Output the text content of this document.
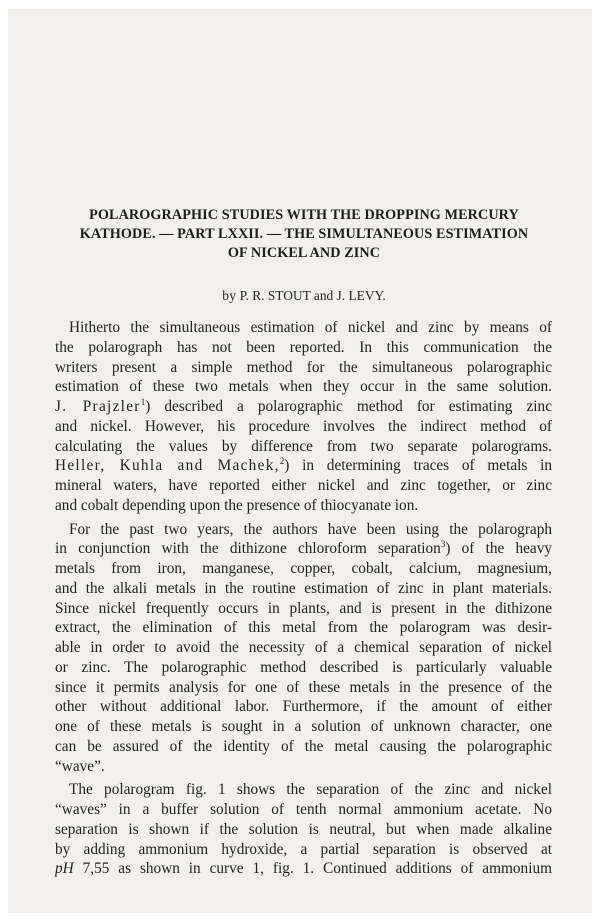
POLAROGRAPHIC STUDIES WITH THE DROPPING MERCURY
KATHODE. — PART LXXII. — THE SIMULTANEOUS ESTIMATION
OF NICKEL AND ZINC
by P. R. STOUT and J. LEVY.
Hitherto the simultaneous estimation of nickel and zinc by means of
the polarograph has not been reported. In this communication the
writers present a simple method for the simultaneous polarographic
estimation of these two metals when they occur in the same solution.
J. Prajzler$^1$) described a polarographic method for estimating zinc
and nickel. However, his procedure involves the indirect method of
calculating the values by difference from two separate polarograms.
Heller, Kuhla and Machek,$^2$) in determining traces of metals in
mineral waters, have reported either nickel and zinc together, or zinc
and cobalt depending upon the presence of thiocyanate ion.
For the past two years, the authors have been using the polarograph
in conjunction with the dithizone chloroform separation$^3$) of the heavy
metals from iron, manganese, copper, cobalt, calcium, magnesium,
and the alkali metals in the routine estimation of zinc in plant materials.
Since nickel frequently occurs in plants, and is present in the dithizone
extract, the elimination of this metal from the polarogram was desir-
able in order to avoid the necessity of a chemical separation of nickel
or zinc. The polarographic method described is particularly valuable
since it permits analysis for one of these metals in the presence of the
other without additional labor. Furthermore, if the amount of either
one of these metals is sought in a solution of unknown character, one
can be assured of the identity of the metal causing the polarographic
“wave”.
The polarogram fig. 1 shows the separation of the zinc and nickel
“waves” in a buffer solution of tenth normal ammonium acetate. No
separation is shown if the solution is neutral, but when made alkaline
by adding ammonium hydroxide, a partial separation is observed at
pH 7,55 as shown in curve 1, fig. 1. Continued additions of ammonium
